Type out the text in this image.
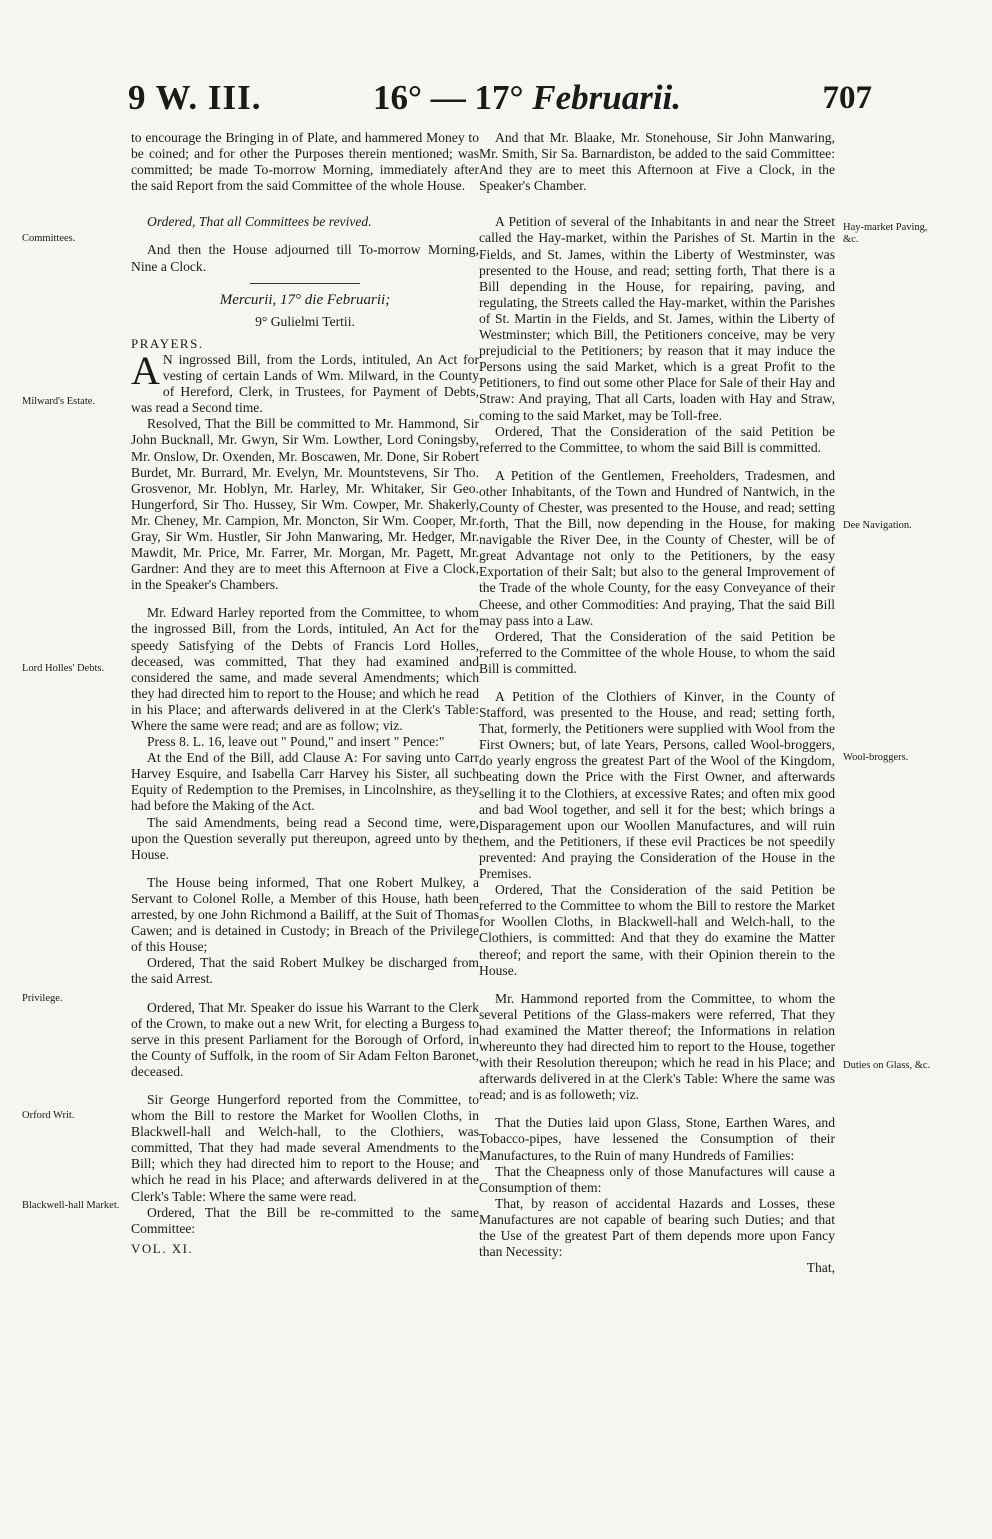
9 W. III.	16° — 17° Februarii.	707
Committees.
Milward's Estate.
Lord Holles' Debts.
Privilege.
Orford Writ.
Blackwell-hall Market.
Hay-market Paving, &c.
Dee Navigation.
Wool-broggers.
Duties on Glass, &c.

to encourage the Bringing in of Plate, and hammered Money to be coined; and for other the Purposes therein mentioned; was committed; be made To-morrow Morning, immediately after the said Report from the said Committee of the whole House.

Ordered, That all Committees be revived.

And then the House adjourned till To-morrow Morning, Nine a Clock.

Mercurii, 17° die Februarii;

9° Gulielmi Tertii.

PRAYERS.

A N ingrossed Bill, from the Lords, intituled, An Act for vesting of certain Lands of Wm. Milward, in the County of Hereford, Clerk, in Trustees, for Payment of Debts, was read a Second time.

Resolved, That the Bill be committed to Mr. Hammond, Sir John Bucknall, Mr. Gwyn, Sir Wm. Lowther, Lord Coningsby, Mr. Onslow, Dr. Oxenden, Mr. Boscawen, Mr. Done, Sir Robert Burdet, Mr. Burrard, Mr. Evelyn, Mr. Mountstevens, Sir Tho. Grosvenor, Mr. Hoblyn, Mr. Harley, Mr. Whitaker, Sir Geo. Hungerford, Sir Tho. Hussey, Sir Wm. Cowper, Mr. Shakerly, Mr. Cheney, Mr. Campion, Mr. Moncton, Sir Wm. Cooper, Mr. Gray, Sir Wm. Hustler, Sir John Manwaring, Mr. Hedger, Mr. Mawdit, Mr. Price, Mr. Farrer, Mr. Morgan, Mr. Pagett, Mr. Gardner: And they are to meet this Afternoon at Five a Clock, in the Speaker's Chambers.

Mr. Edward Harley reported from the Committee, to whom the ingrossed Bill, from the Lords, intituled, An Act for the speedy Satisfying of the Debts of Francis Lord Holles, deceased, was committed, That they had examined and considered the same, and made several Amendments; which they had directed him to report to the House; and which he read in his Place; and afterwards delivered in at the Clerk's Table: Where the same were read; and are as follow; viz.

Press 8. L. 16, leave out " Pound," and insert " Pence:"

At the End of the Bill, add Clause A: For saving unto Carr Harvey Esquire, and Isabella Carr Harvey his Sister, all such Equity of Redemption to the Premises, in Lincolnshire, as they had before the Making of the Act.

The said Amendments, being read a Second time, were, upon the Question severally put thereupon, agreed unto by the House.

The House being informed, That one Robert Mulkey, a Servant to Colonel Rolle, a Member of this House, hath been arrested, by one John Richmond a Bailiff, at the Suit of Thomas Cawen; and is detained in Custody; in Breach of the Privilege of this House;

Ordered, That the said Robert Mulkey be discharged from the said Arrest.

Ordered, That Mr. Speaker do issue his Warrant to the Clerk of the Crown, to make out a new Writ, for electing a Burgess to serve in this present Parliament for the Borough of Orford, in the County of Suffolk, in the room of Sir Adam Felton Baronet, deceased.

Sir George Hungerford reported from the Committee, to whom the Bill to restore the Market for Woollen Cloths, in Blackwell-hall and Welch-hall, to the Clothiers, was committed, That they had made several Amendments to the Bill; which they had directed him to report to the House; and which he read in his Place; and afterwards delivered in at the Clerk's Table: Where the same were read.

Ordered, That the Bill be re-committed to the same Committee:

VOL. XI.

And that Mr. Blaake, Mr. Stonehouse, Sir John Manwaring, Mr. Smith, Sir Sa. Barnardiston, be added to the said Committee: And they are to meet this Afternoon at Five a Clock, in the Speaker's Chamber.

A Petition of several of the Inhabitants in and near the Street called the Hay-market, within the Parishes of St. Martin in the Fields, and St. James, within the Liberty of Westminster, was presented to the House, and read; setting forth, That there is a Bill depending in the House, for repairing, paving, and regulating, the Streets called the Hay-market, within the Parishes of St. Martin in the Fields, and St. James, within the Liberty of Westminster; which Bill, the Petitioners conceive, may be very prejudicial to the Petitioners; by reason that it may induce the Persons using the said Market, which is a great Profit to the Petitioners, to find out some other Place for Sale of their Hay and Straw: And praying, That all Carts, loaden with Hay and Straw, coming to the said Market, may be Toll-free.

Ordered, That the Consideration of the said Petition be referred to the Committee, to whom the said Bill is committed.

A Petition of the Gentlemen, Freeholders, Tradesmen, and other Inhabitants, of the Town and Hundred of Nantwich, in the County of Chester, was presented to the House, and read; setting forth, That the Bill, now depending in the House, for making navigable the River Dee, in the County of Chester, will be of great Advantage not only to the Petitioners, by the easy Exportation of their Salt; but also to the general Improvement of the Trade of the whole County, for the easy Conveyance of their Cheese, and other Commodities: And praying, That the said Bill may pass into a Law.

Ordered, That the Consideration of the said Petition be referred to the Committee of the whole House, to whom the said Bill is committed.

A Petition of the Clothiers of Kinver, in the County of Stafford, was presented to the House, and read; setting forth, That, formerly, the Petitioners were supplied with Wool from the First Owners; but, of late Years, Persons, called Wool-broggers, do yearly engross the greatest Part of the Wool of the Kingdom, beating down the Price with the First Owner, and afterwards selling it to the Clothiers, at excessive Rates; and often mix good and bad Wool together, and sell it for the best; which brings a Disparagement upon our Woollen Manufactures, and will ruin them, and the Petitioners, if these evil Practices be not speedily prevented: And praying the Consideration of the House in the Premises.

Ordered, That the Consideration of the said Petition be referred to the Committee to whom the Bill to restore the Market for Woollen Cloths, in Blackwell-hall and Welch-hall, to the Clothiers, is committed: And that they do examine the Matter thereof; and report the same, with their Opinion therein to the House.

Mr. Hammond reported from the Committee, to whom the several Petitions of the Glass-makers were referred, That they had examined the Matter thereof; the Informations in relation whereunto they had directed him to report to the House, together with their Resolution thereupon; which he read in his Place; and afterwards delivered in at the Clerk's Table: Where the same was read; and is as followeth; viz.

That the Duties laid upon Glass, Stone, Earthen Wares, and Tobacco-pipes, have lessened the Consumption of their Manufactures, to the Ruin of many Hundreds of Families:

That the Cheapness only of those Manufactures will cause a Consumption of them:

That, by reason of accidental Hazards and Losses, these Manufactures are not capable of bearing such Duties; and that the Use of the greatest Part of them depends more upon Fancy than Necessity:

That,
